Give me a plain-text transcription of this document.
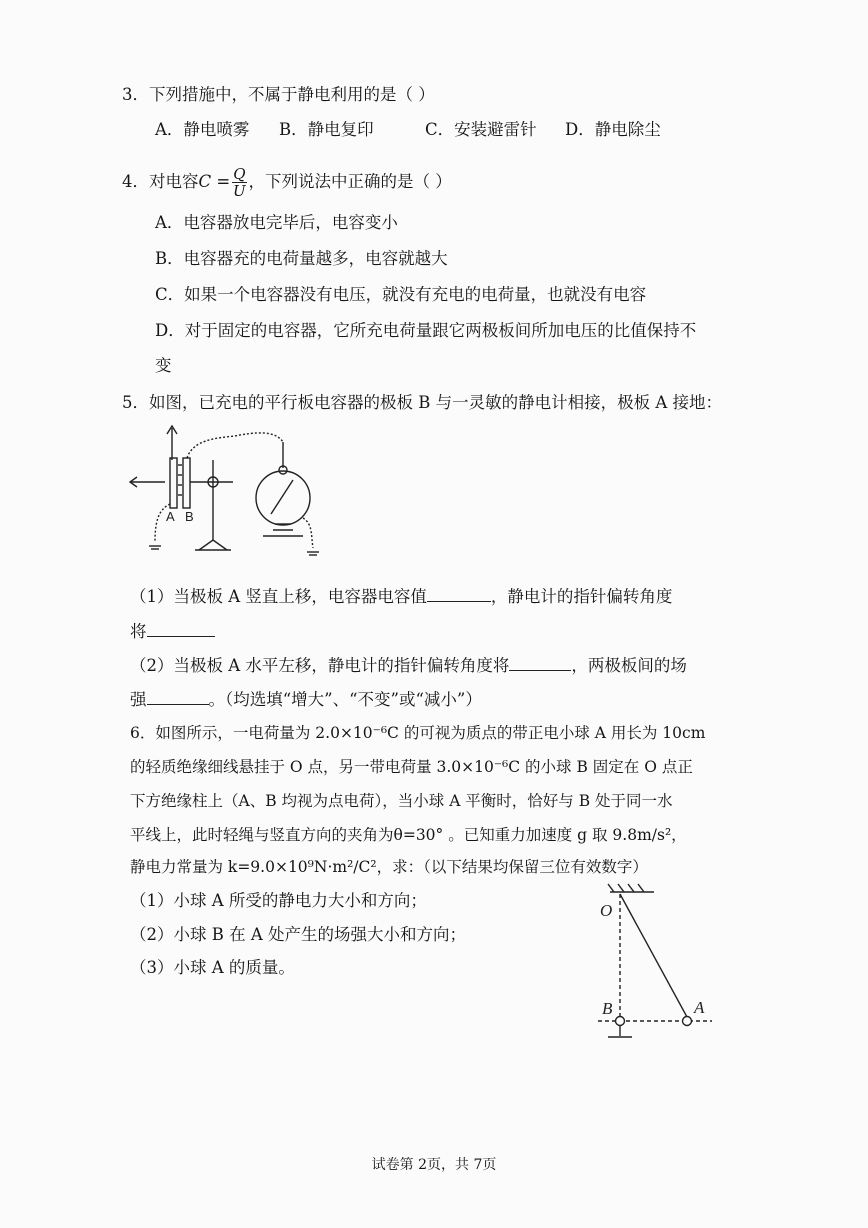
3．下列措施中，不属于静电利用的是（ ）
A．静电喷雾 B．静电复印	C．安装避雷针 D．静电除尘
4．对电容$C = \frac{Q}{U}$ ，下列说法中正确的是（ ）
A．电容器放电完毕后，电容变小
B．电容器充的电荷量越多，电容就越大
C．如果一个电容器没有电压，就没有充电的电荷量，也就没有电容
D．对于固定的电容器，它所充电荷量跟它两极板间所加电压的比值保持不
变
5．如图，已充电的平行板电容器的极板 B 与一灵敏的静电计相接，极板 A 接地：
A B
（1）当极板 A 竖直上移，电容器电容值	，静电计的指针偏转角度
将
（2）当极板 A 水平左移，静电计的指针偏转角度将	，两极板间的场
强	。（均选填“增大”、“不变”或“减小”）
6．如图所示，一电荷量为 2.0×10⁻⁶C 的可视为质点的带正电小球 A 用长为 10cm
的轻质绝缘细线悬挂于 O 点，另一带电荷量 3.0×10⁻⁶C 的小球 B 固定在 O 点正
下方绝缘柱上（A、B 均视为点电荷），当小球 A 平衡时，恰好与 B 处于同一水
平线上，此时轻绳与竖直方向的夹角为θ=30° 。已知重力加速度 g 取 9.8m/s²，
静电力常量为 k=9.0×10⁹N·m²/C²，求：（以下结果均保留三位有效数字）
（1）小球 A 所受的静电力大小和方向；
（2）小球 B 在 A 处产生的场强大小和方向；
（3）小球 A 的质量。
O
B	A
试卷第 2页，共 7页
